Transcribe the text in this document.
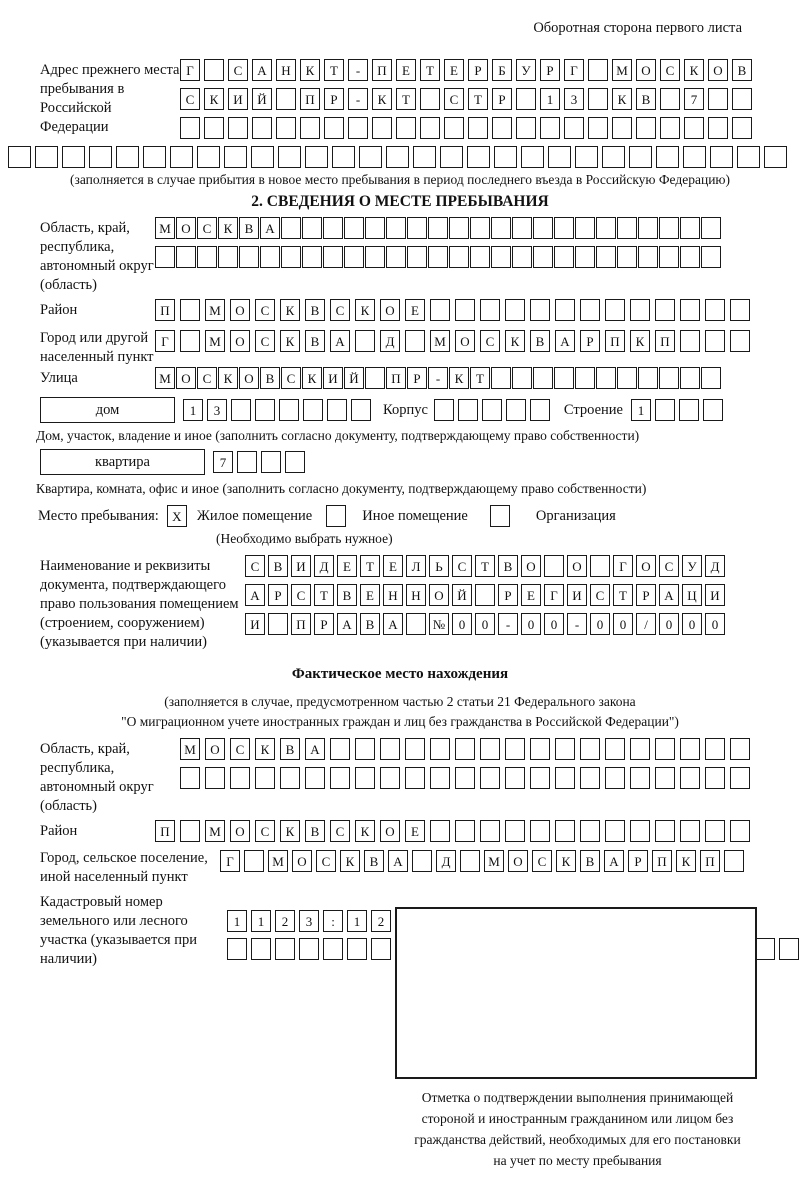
Оборотная сторона первого листа
Адрес прежнего места пребывания в Российской Федерации
Г	С	А	Н	К	Т	-	П	Е	Т	Е	Р	Б	У	Р	Г	М	О	С	К	О	В
С	К	И	Й	П	Р	-	К	Т	С	Т	Р	1	3	К	В	7
(заполняется в случае прибытия в новое место пребывания в период последнего въезда в Российскую Федерацию)
2. СВЕДЕНИЯ О МЕСТЕ ПРЕБЫВАНИЯ
Область, край, республика, автономный округ (область)
М О С К В А
Район	П	М	О	С	К	В	С	К	О	Е
Город или другой населенный пункт
Г	М	О	С	К	В	А	Д	М	О	С	К	В	А	Р	П	К	П
Улица	М О С К О В С К И Й	П Р	-	К Т
дом	1	3	Корпус	Строение	1
Дом, участок, владение и иное (заполнить согласно документу, подтверждающему право собственности)
квартира	7
Квартира, комната, офис и иное (заполнить согласно документу, подтверждающему право собственности)
Место пребывания:	X	Жилое помещение	Иное помещение	Организация
(Необходимо выбрать нужное)
Наименование и реквизиты документа, подтверждающего право пользования помещением (строением, сооружением) (указывается при наличии)
С	В	И	Д	Е	Т	Е	Л	Ь	С	Т	В	О	О	Г	О	С	У	Д
А	Р	С	Т	В	Е	Н	Н	О	Й	Р	Е	Г	И	С	Т	Р	А	Ц	И
И	П	Р	А	В	А	№	0	0	-	0	0	-	0	0	/	0	0	0
Фактическое место нахождения
(заполняется в случае, предусмотренном частью 2 статьи 21 Федерального закона
"О миграционном учете иностранных граждан и лиц без гражданства в Российской Федерации")
Область, край, республика, автономный округ (область)
М	О	С	К	В	А
Район	П	М	О	С	К	В	С	К	О	Е
Город, сельское поселение, иной населенный пункт
Г	М	О	С	К	В	А	Д	М	О	С	К	В	А	Р	П	К	П
Кадастровый номер земельного или лесного участка (указывается при наличии)
1	1	2	3	:	1	2
Отметка о подтверждении выполнения принимающей
стороной и иностранным гражданином или лицом без
гражданства действий, необходимых для его постановки
на учет по месту пребывания
